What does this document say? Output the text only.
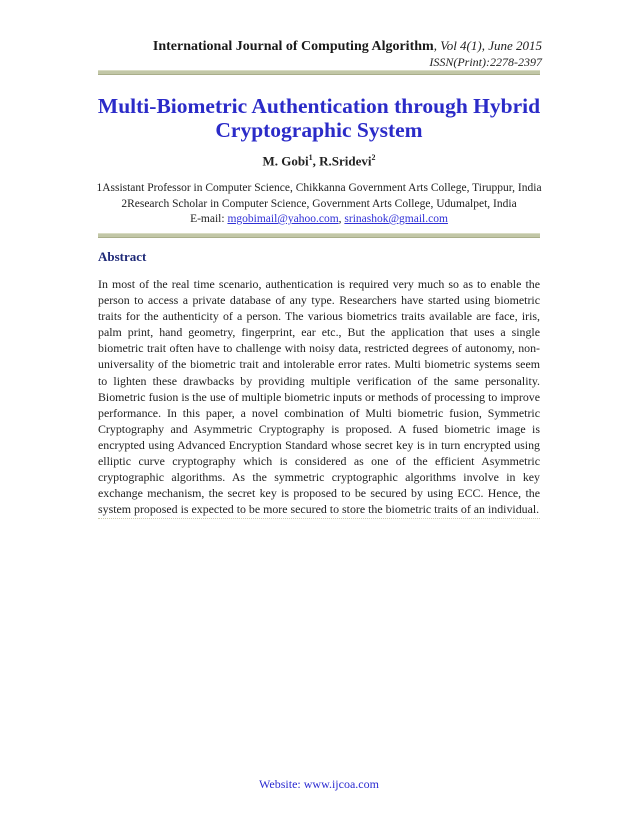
International Journal of Computing Algorithm, Vol 4(1), June 2015
ISSN(Print):2278-2397
Multi-Biometric Authentication through Hybrid
Cryptographic System
M. Gobi$^1$, R.Sridevi$^2$
1Assistant Professor in Computer Science, Chikkanna Government Arts College, Tiruppur, India
2Research Scholar in Computer Science, Government Arts College, Udumalpet, India
E-mail: mgobimail@yahoo.com, srinashok@gmail.com
Abstract

In most of the real time scenario, authentication is required very much so as to enable the person to access a private database of any type. Researchers have started using biometric traits for the authenticity of a person. The various biometrics traits available are face, iris, palm print, hand geometry, fingerprint, ear etc., But the application that uses a single biometric trait often have to challenge with noisy data, restricted degrees of autonomy, non-universality of the biometric trait and intolerable error rates. Multi biometric systems seem to lighten these drawbacks by providing multiple verification of the same personality. Biometric fusion is the use of multiple biometric inputs or methods of processing to improve performance. In this paper, a novel combination of Multi biometric fusion, Symmetric Cryptography and Asymmetric Cryptography is proposed. A fused biometric image is encrypted using Advanced Encryption Standard whose secret key is in turn encrypted using elliptic curve cryptography which is considered as one of the efficient Asymmetric cryptographic algorithms. As the symmetric cryptographic algorithms involve in key exchange mechanism, the secret key is proposed to be secured by using ECC. Hence, the system proposed is expected to be more secured to store the biometric traits of an individual.

Website: www.ijcoa.com
